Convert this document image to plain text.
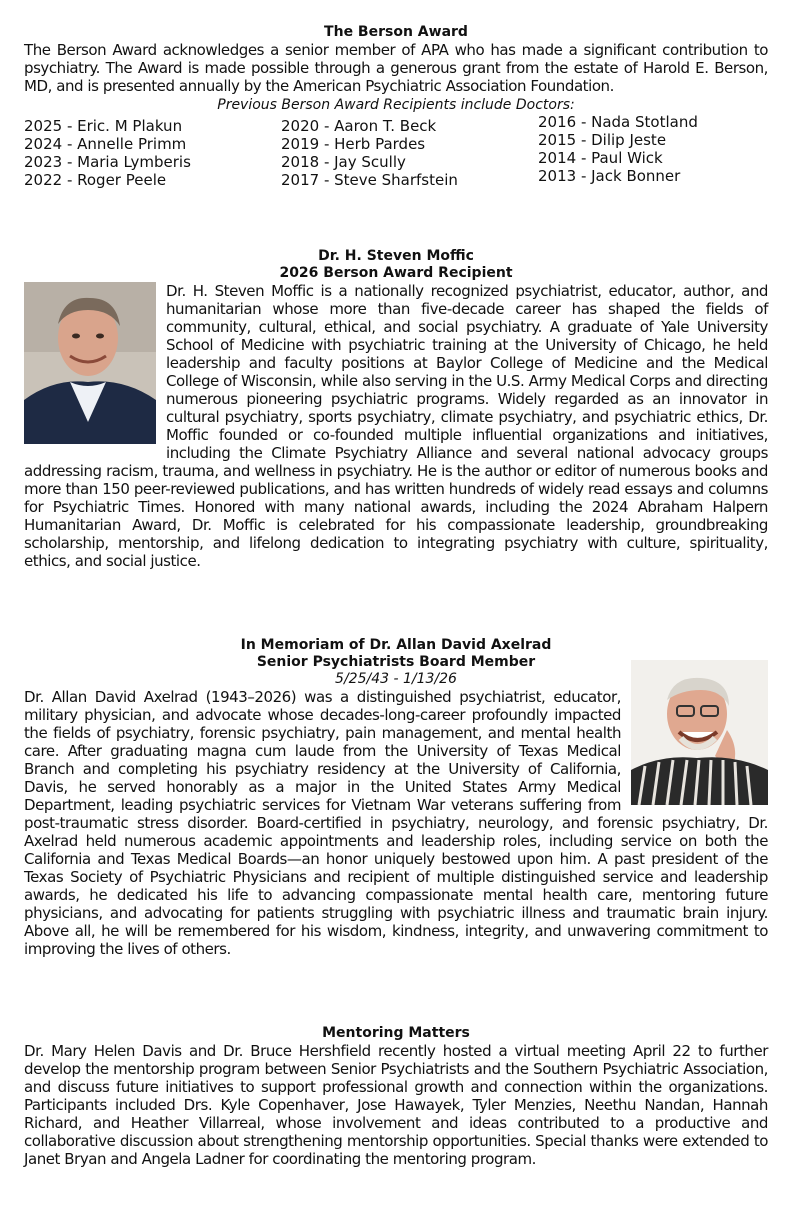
The Berson Award

The Berson Award acknowledges a senior member of APA who has made a significant contribution to psychiatry. The Award is made possible through a generous grant from the estate of Harold E. Berson, MD, and is presented annually by the American Psychiatric Association Foundation.

Previous Berson Award Recipients include Doctors:

2025 - Eric. M Plakun
2024 - Annelle Primm
2023 - Maria Lymberis
2022 - Roger Peele
2020 - Aaron T. Beck
2019 - Herb Pardes
2018 - Jay Scully
2017 - Steve Sharfstein
2016 - Nada Stotland
2015 - Dilip Jeste
2014 - Paul Wick
2013 - Jack Bonner
Dr. H. Steven Moffic
2026 Berson Award Recipient

Dr. H. Steven Moffic is a nationally recognized psychiatrist, educator, author, and humanitarian whose more than five-decade career has shaped the fields of community, cultural, ethical, and social psychiatry. A graduate of Yale University School of Medicine with psychiatric training at the University of Chicago, he held leadership and faculty positions at Baylor College of Medicine and the Medical College of Wisconsin, while also serving in the U.S. Army Medical Corps and directing numerous pioneering psychiatric programs. Widely regarded as an innovator in cultural psychiatry, sports psychiatry, climate psychiatry, and psychiatric ethics, Dr. Moffic founded or co-founded multiple influential organizations and initiatives, including the Climate Psychiatry Alliance and several national advocacy groups addressing racism, trauma, and wellness in psychiatry. He is the author or editor of numerous books and more than 150 peer-reviewed publications, and has written hundreds of widely read essays and columns for Psychiatric Times. Honored with many national awards, including the 2024 Abraham Halpern Humanitarian Award, Dr. Moffic is celebrated for his compassionate leadership, groundbreaking scholarship, mentorship, and lifelong dedication to integrating psychiatry with culture, spirituality, ethics, and social justice.

In Memoriam of Dr. Allan David Axelrad
Senior Psychiatrists Board Member

5/25/43 - 1/13/26

Dr. Allan David Axelrad (1943–2026) was a distinguished psychiatrist, educator, military physician, and advocate whose decades-long-career profoundly impacted the fields of psychiatry, forensic psychiatry, pain management, and mental health care. After graduating magna cum laude from the University of Texas Medical Branch and completing his psychiatry residency at the University of California, Davis, he served honorably as a major in the United States Army Medical Department, leading psychiatric services for Vietnam War veterans suffering from post-traumatic stress disorder. Board-certified in psychiatry, neurology, and forensic psychiatry, Dr. Axelrad held numerous academic appointments and leadership roles, including service on both the California and Texas Medical Boards—an honor uniquely bestowed upon him. A past president of the Texas Society of Psychiatric Physicians and recipient of multiple distinguished service and leadership awards, he dedicated his life to advancing compassionate mental health care, mentoring future physicians, and advocating for patients struggling with psychiatric illness and traumatic brain injury. Above all, he will be remembered for his wisdom, kindness, integrity, and unwavering commitment to improving the lives of others.

Mentoring Matters

Dr. Mary Helen Davis and Dr. Bruce Hershfield recently hosted a virtual meeting April 22 to further develop the mentorship program between Senior Psychiatrists and the Southern Psychiatric Association, and discuss future initiatives to support professional growth and connection within the organizations. Participants included Drs. Kyle Copenhaver, Jose Hawayek, Tyler Menzies, Neethu Nandan, Hannah Richard, and Heather Villarreal, whose involvement and ideas contributed to a productive and collaborative discussion about strengthening mentorship opportunities. Special thanks were extended to Janet Bryan and Angela Ladner for coordinating the mentoring program.
